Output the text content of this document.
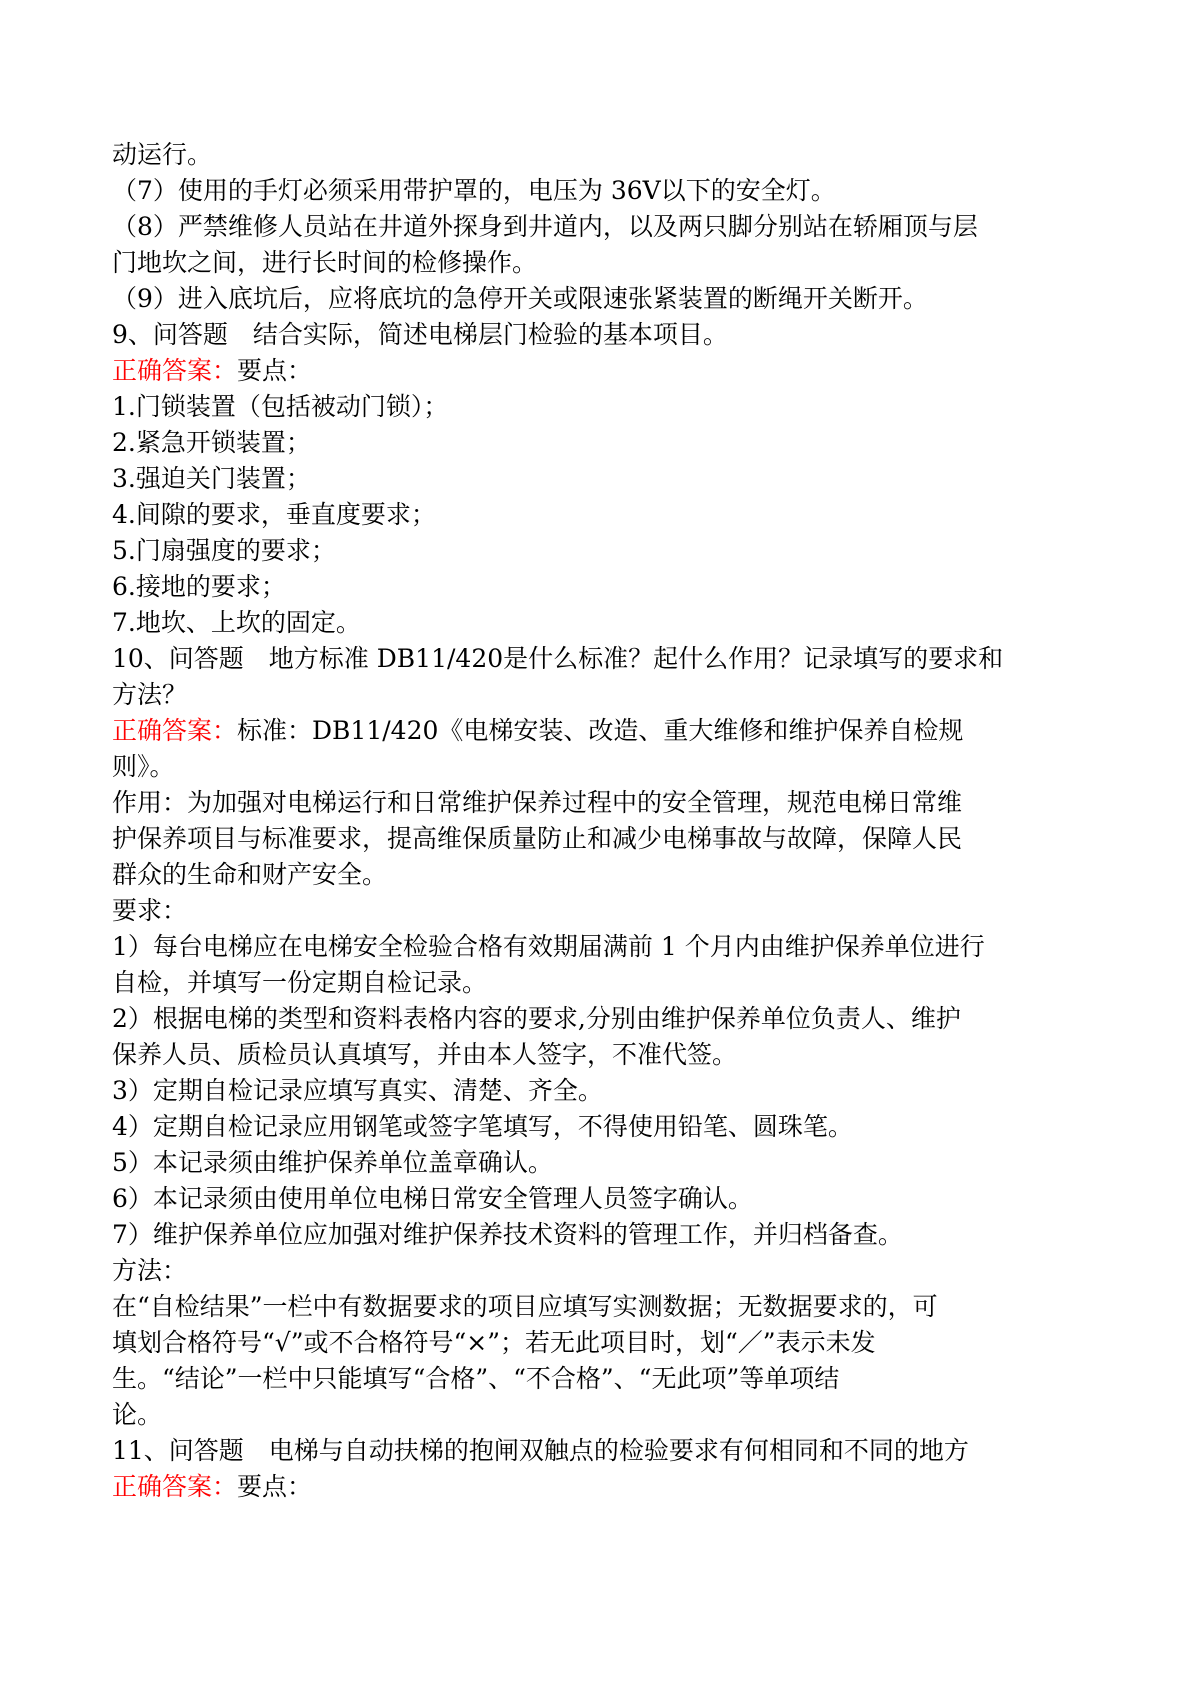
动运行。
（7）使用的手灯必须采用带护罩的，电压为 36V以下的安全灯。
（8）严禁维修人员站在井道外探身到井道内，以及两只脚分别站在轿厢顶与层
门地坎之间，进行长时间的检修操作。
（9）进入底坑后，应将底坑的急停开关或限速张紧装置的断绳开关断开。
9、问答题　结合实际，简述电梯层门检验的基本项目。
正确答案：要点：
1.门锁装置（包括被动门锁）；
2.紧急开锁装置；
3.强迫关门装置；
4.间隙的要求，垂直度要求；
5.门扇强度的要求；
6.接地的要求；
7.地坎、上坎的固定。
10、问答题　地方标准 DB11/420是什么标准？起什么作用？记录填写的要求和
方法？
正确答案：标准：DB11/420《电梯安装、改造、重大维修和维护保养自检规
则》。
作用：为加强对电梯运行和日常维护保养过程中的安全管理，规范电梯日常维
护保养项目与标准要求，提高维保质量防止和减少电梯事故与故障，保障人民
群众的生命和财产安全。
要求：
1）每台电梯应在电梯安全检验合格有效期届满前 1 个月内由维护保养单位进行
自检，并填写一份定期自检记录。
2）根据电梯的类型和资料表格内容的要求,分别由维护保养单位负责人、维护
保养人员、质检员认真填写，并由本人签字，不准代签。
3）定期自检记录应填写真实、清楚、齐全。
4）定期自检记录应用钢笔或签字笔填写，不得使用铅笔、圆珠笔。
5）本记录须由维护保养单位盖章确认。
6）本记录须由使用单位电梯日常安全管理人员签字确认。
7）维护保养单位应加强对维护保养技术资料的管理工作，并归档备查。
方法：
在“自检结果”一栏中有数据要求的项目应填写实测数据；无数据要求的，可
填划合格符号“√”或不合格符号“×”；若无此项目时，划“／”表示未发
生。“结论”一栏中只能填写“合格”、“不合格”、“无此项”等单项结
论。
11、问答题　电梯与自动扶梯的抱闸双触点的检验要求有何相同和不同的地方
正确答案：要点：
